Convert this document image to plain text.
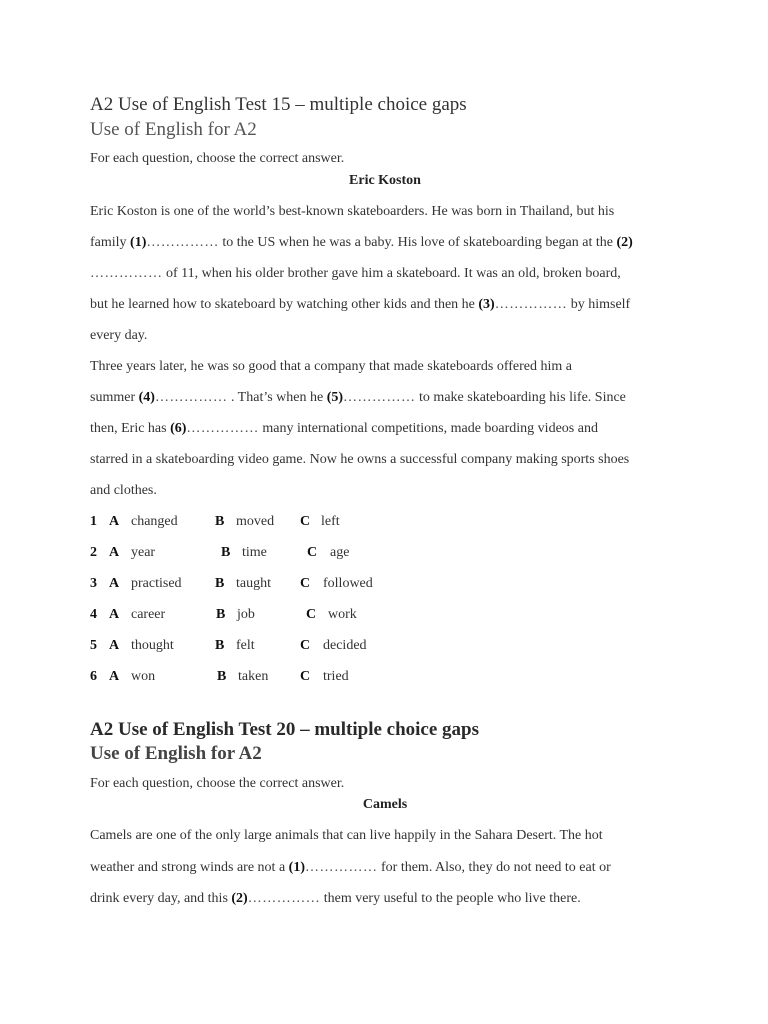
A2 Use of English Test 15 – multiple choice gaps
Use of English for A2
For each question, choose the correct answer.
Eric Koston
Eric Koston is one of the world’s best-known skateboarders. He was born in Thailand, but his
family (1)…………… to the US when he was a baby. His love of skateboarding began at the (2)
…………… of 11, when his older brother gave him a skateboard. It was an old, broken board,
but he learned how to skateboard by watching other kids and then he (3)…………… by himself
every day.
Three years later, he was so good that a company that made skateboards offered him a
summer (4)…………… . That’s when he (5)…………… to make skateboarding his life. Since
then, Eric has (6)…………… many international competitions, made boarding videos and
starred in a skateboarding video game. Now he owns a successful company making sports shoes
and clothes.
1 A changed	B moved C left
2 A year	B time	C age
3 A practised B taught C followed
4 A career	B job	C work
5 A thought	B felt	C decided
6 A won	B taken C tried
A2 Use of English Test 20 – multiple choice gaps
Use of English for A2
For each question, choose the correct answer.
Camels
Camels are one of the only large animals that can live happily in the Sahara Desert. The hot
weather and strong winds are not a (1)…………… for them. Also, they do not need to eat or
drink every day, and this (2)…………… them very useful to the people who live there.
